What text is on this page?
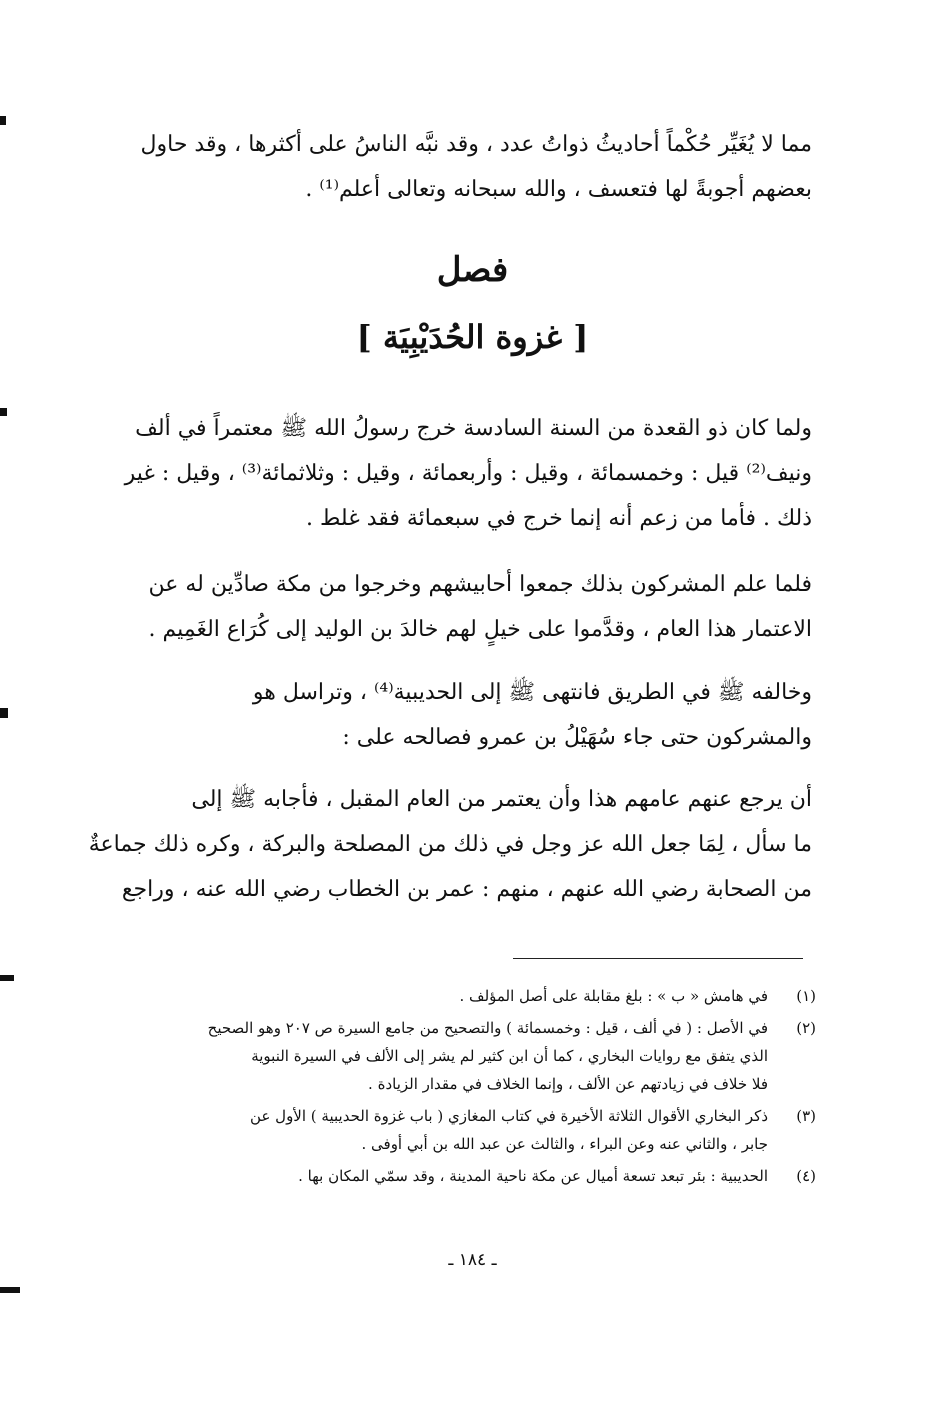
مما لا يُغَيِّر حُكْماً أحاديثُ ذواتُ عدد ، وقد نبَّه الناسُ على أكثرها ، وقد حاول
بعضهم أجوبةً لها فتعسف ، والله سبحانه وتعالى أعلم⁽¹⁾ .
فصل
[ غزوة الحُدَيْبِيَة ]
ولما كان ذو القعدة من السنة السادسة خرج رسولُ الله ﷺ معتمراً في ألف
ونيف⁽²⁾ قيل : وخمسمائة ، وقيل : وأربعمائة ، وقيل : وثلاثمائة⁽³⁾ ، وقيل : غير
ذلك . فأما من زعم أنه إنما خرج في سبعمائة فقد غلط .
فلما علم المشركون بذلك جمعوا أحابيشهم وخرجوا من مكة صادِّين له عن
الاعتمار هذا العام ، وقدَّموا على خيلٍ لهم خالدَ بن الوليد إلى كُرَاع الغَمِيم .
وخالفه ﷺ في الطريق فانتهى ﷺ إلى الحديبية⁽⁴⁾ ، وتراسل هو
والمشركون حتى جاء سُهَيْلُ بن عمرو فصالحه على :
أن يرجع عنهم عامهم هذا وأن يعتمر من العام المقبل ، فأجابه ﷺ إلى
ما سأل ، لِمَا جعل الله عز وجل في ذلك من المصلحة والبركة ، وكره ذلك جماعةٌ
من الصحابة رضي الله عنهم ، منهم : عمر بن الخطاب رضي الله عنه ، وراجع
(١)
في هامش « ب » : بلغ مقابلة على أصل المؤلف .
(٢)
في الأصل : ( في ألف ، قيل : وخمسمائة ) والتصحيح من جامع السيرة ص ٢٠٧ وهو الصحيح
الذي يتفق مع روايات البخاري ، كما أن ابن كثير لم يشر إلى الألف في السيرة النبوية
فلا خلاف في زيادتهم عن الألف ، وإنما الخلاف في مقدار الزيادة .
(٣)
ذكر البخاري الأقوال الثلاثة الأخيرة في كتاب المغازي ( باب غزوة الحديبية ) الأول عن
جابر ، والثاني عنه وعن البراء ، والثالث عن عبد الله بن أبي أوفى .
(٤)
الحديبية : بئر تبعد تسعة أميال عن مكة ناحية المدينة ، وقد سمّي المكان بها .
ـ ١٨٤ ـ
